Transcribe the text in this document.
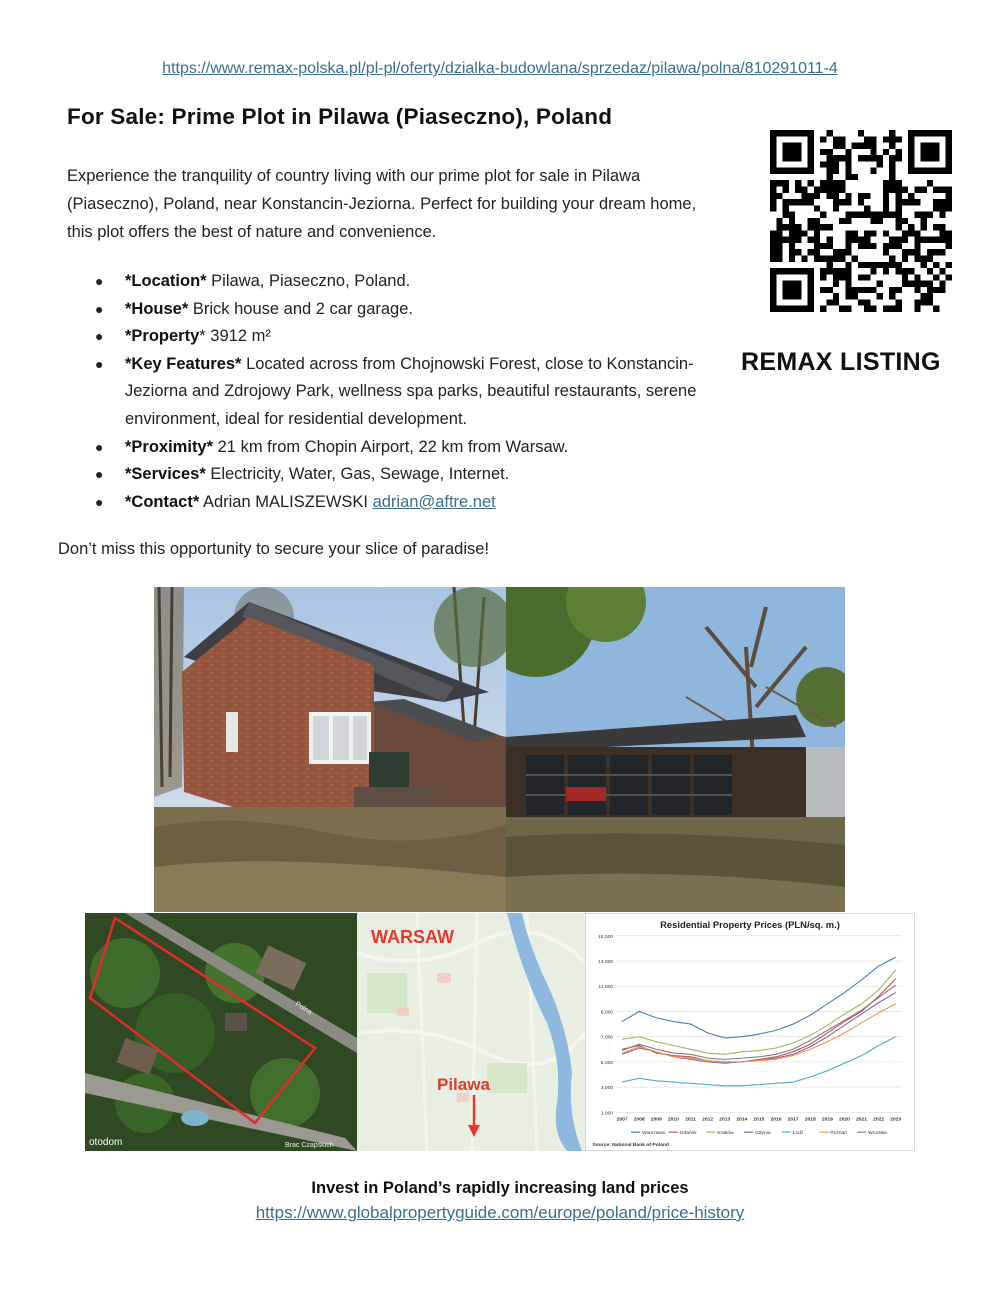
https://www.remax-polska.pl/pl-pl/oferty/dzialka-budowlana/sprzedaz/pilawa/polna/810291011-4
For Sale: Prime Plot in Pilawa (Piaseczno), Poland
Experience the tranquility of country living with our prime plot for sale in Pilawa (Piaseczno), Poland, near Konstancin-Jeziorna. Perfect for building your dream home, this plot offers the best of nature and convenience.
● *Location* Pilawa, Piaseczno, Poland.
● *House* Brick house and 2 car garage.
● *Property* 3912 m²
● *Key Features* Located across from Chojnowski Forest, close to Konstancin-Jeziorna and Zdrojowy Park, wellness spa parks, beautiful restaurants, serene environment, ideal for residential development.
● *Proximity* 21 km from Chopin Airport, 22 km from Warsaw.
● *Services* Electricity, Water, Gas, Sewage, Internet.
● *Contact* Adrian MALISZEWSKI adrian@aftre.net
Don’t miss this opportunity to secure your slice of paradise!
REMAX LISTING
Polna
Brac Czapskich
otodom
WARSAW
Pilawa
Residential Property Prices (PLN/sq. m.)
1,000
3,000
5,000
7,000
9,000
11,000
13,000
15,000
2007 2008 2009 2010 2011 2012 2013 2014 2015 2016 2017 2018 2019 2020 2021 2022 2023
Warszawa	Gdańsk	Kraków	Gdynia	Łódź	Poznań	Wrocław
Source: National Bank of Poland
Invest in Poland’s rapidly increasing land prices
https://www.globalpropertyguide.com/europe/poland/price-history
